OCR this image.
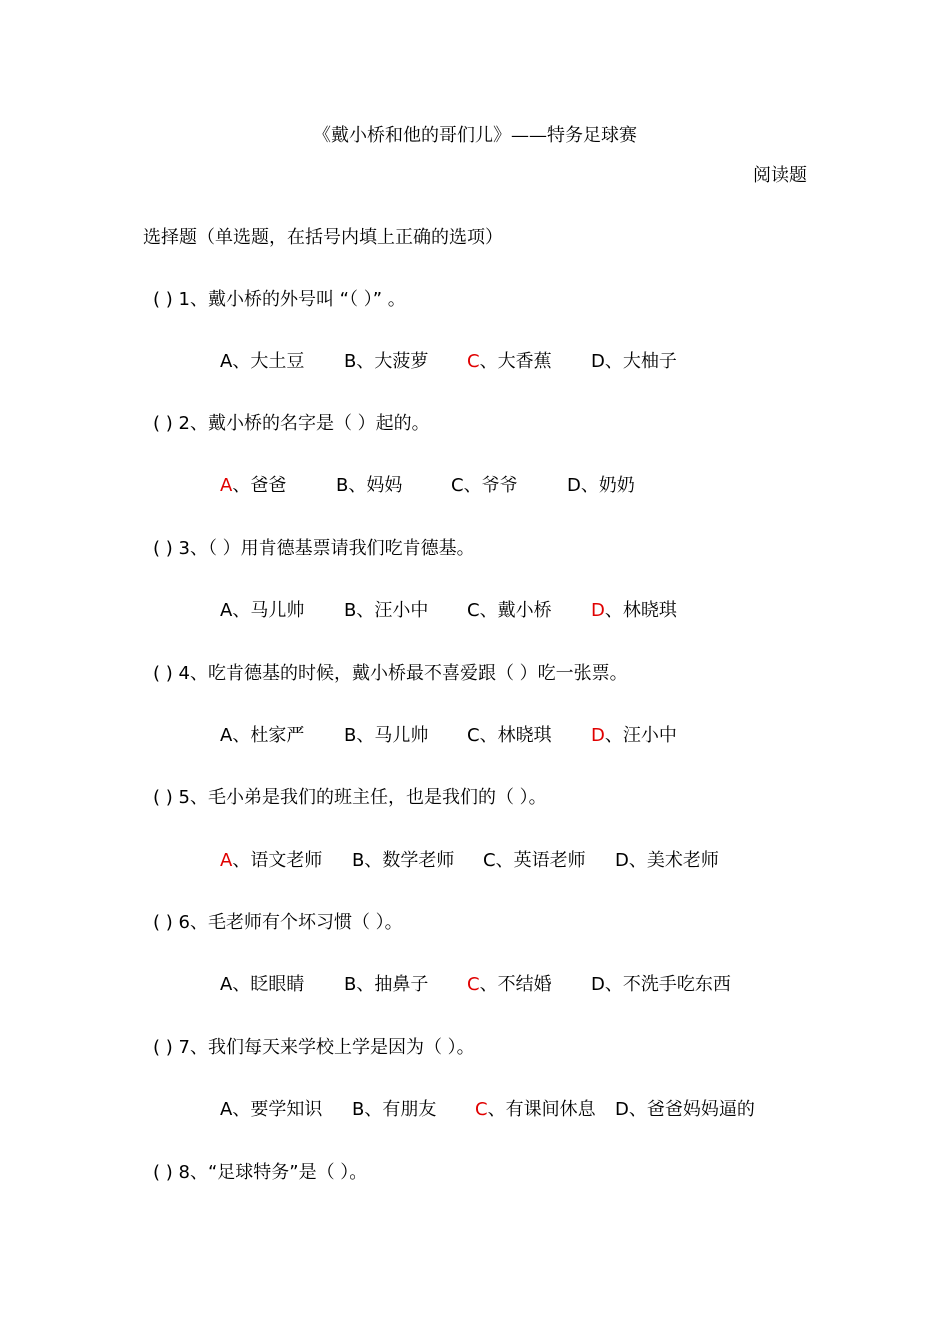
《戴小桥和他的哥们儿》——特务足球赛
阅读题
选择题（单选题，在括号内填上正确的选项）
( ) 1、戴小桥的外号叫 “（ ）” 。
A、大土豆	B、大菠萝	C、大香蕉	D、大柚子
( ) 2、戴小桥的名字是（ ）起的。
A、爸爸	B、妈妈	C、爷爷	D、奶奶
( ) 3、（ ）用肯德基票请我们吃肯德基。
A、马儿帅	B、汪小中	C、戴小桥	D、林晓琪
( ) 4、吃肯德基的时候，戴小桥最不喜爱跟（ ）吃一张票。
A、杜家严	B、马儿帅	C、林晓琪	D、汪小中
( ) 5、毛小弟是我们的班主任，也是我们的（ ）。
A、语文老师	B、数学老师	C、英语老师	D、美术老师
( ) 6、毛老师有个坏习惯（ ）。
A、眨眼睛	B、抽鼻子	C、不结婚	D、不洗手吃东西
( ) 7、我们每天来学校上学是因为（ ）。
A、要学知识	B、有朋友	C、有课间休息	D、爸爸妈妈逼的
( ) 8、“足球特务”是（ ）。
